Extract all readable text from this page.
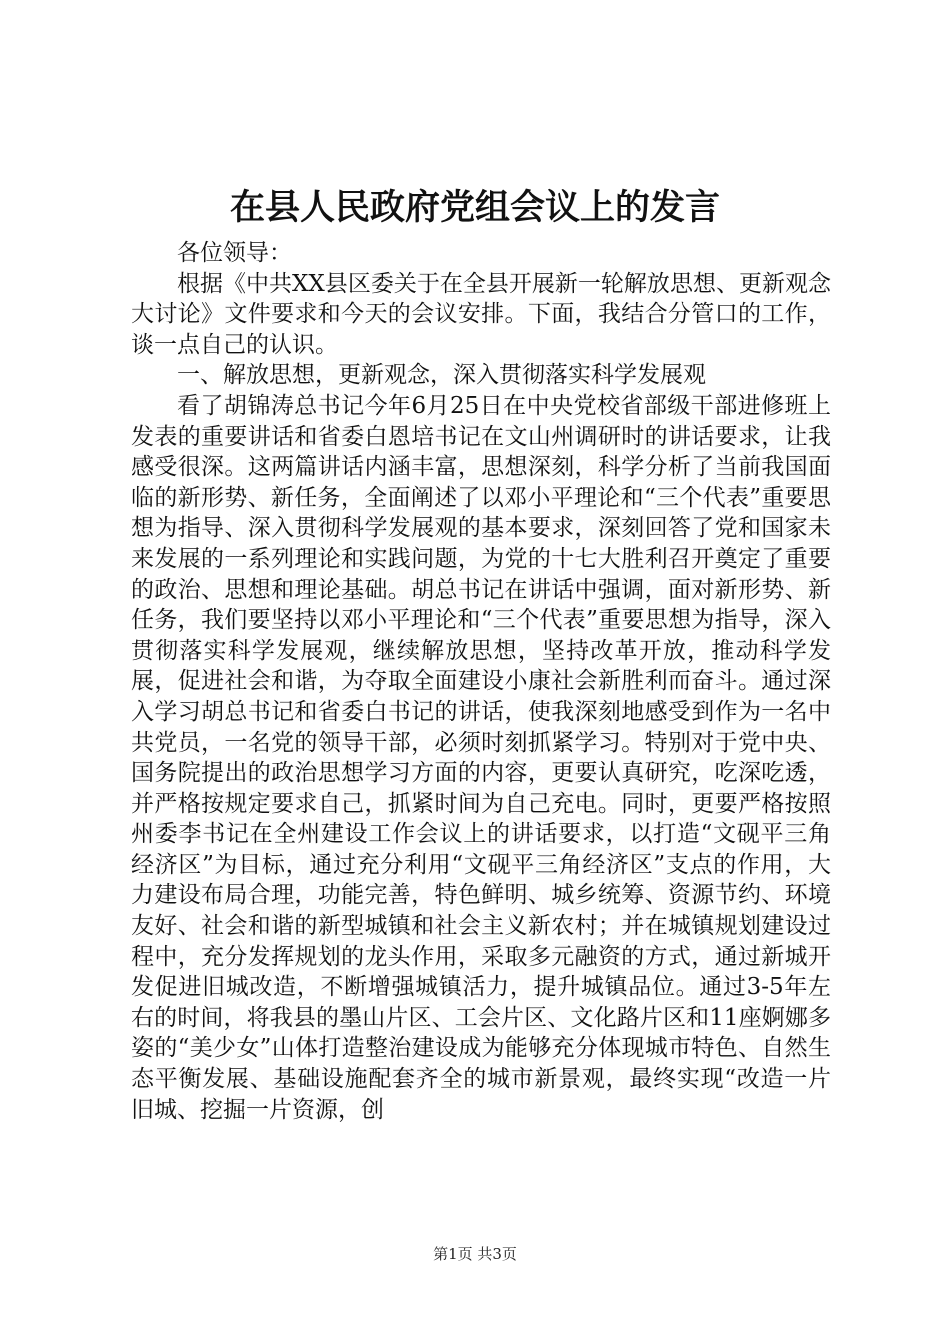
在县人民政府党组会议上的发言

各位领导：

根据《中共XX县区委关于在全县开展新一轮解放思想、更新观念大讨论》文件要求和今天的会议安排。下面，我结合分管口的工作，谈一点自己的认识。

一、解放思想，更新观念，深入贯彻落实科学发展观

看了胡锦涛总书记今年6月25日在中央党校省部级干部进修班上发表的重要讲话和省委白恩培书记在文山州调研时的讲话要求，让我感受很深。这两篇讲话内涵丰富，思想深刻，科学分析了当前我国面临的新形势、新任务，全面阐述了以邓小平理论和“三个代表”重要思想为指导、深入贯彻科学发展观的基本要求，深刻回答了党和国家未来发展的一系列理论和实践问题，为党的十七大胜利召开奠定了重要的政治、思想和理论基础。胡总书记在讲话中强调，面对新形势、新任务，我们要坚持以邓小平理论和“三个代表”重要思想为指导，深入贯彻落实科学发展观，继续解放思想，坚持改革开放，推动科学发展，促进社会和谐，为夺取全面建设小康社会新胜利而奋斗。通过深入学习胡总书记和省委白书记的讲话，使我深刻地感受到作为一名中共党员，一名党的领导干部，必须时刻抓紧学习。特别对于党中央、国务院提出的政治思想学习方面的内容，更要认真研究，吃深吃透，并严格按规定要求自己，抓紧时间为自己充电。同时，更要严格按照州委李书记在全州建设工作会议上的讲话要求，以打造“文砚平三角经济区”为目标，通过充分利用“文砚平三角经济区”支点的作用，大力建设布局合理，功能完善，特色鲜明、城乡统筹、资源节约、环境友好、社会和谐的新型城镇和社会主义新农村；并在城镇规划建设过程中，充分发挥规划的龙头作用，采取多元融资的方式，通过新城开发促进旧城改造，不断增强城镇活力，提升城镇品位。通过3-5年左右的时间，将我县的墨山片区、工会片区、文化路片区和11座婀娜多姿的“美少女”山体打造整治建设成为能够充分体现城市特色、自然生态平衡发展、基础设施配套齐全的城市新景观，最终实现“改造一片旧城、挖掘一片资源，创

第1页 共3页
